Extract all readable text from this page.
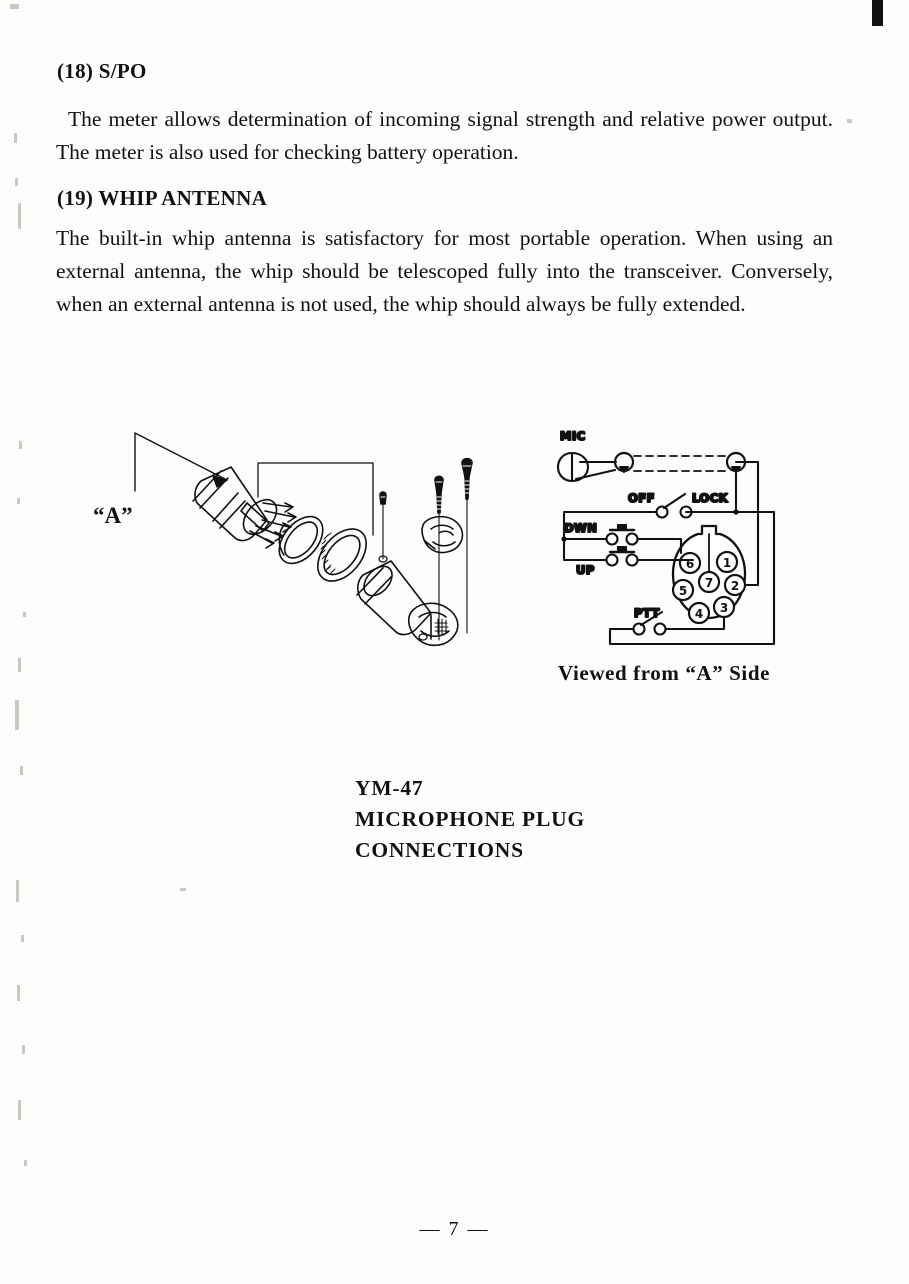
(18) S/PO
The meter allows determination of incoming signal strength and relative power output. The meter is also used for checking battery operation.
(19) WHIP ANTENNA
The built-in whip antenna is satisfactory for most portable operation. When using an external antenna, the whip should be telescoped fully into the transceiver. Conversely, when an external antenna is not used, the whip should always be fully extended.
“A”
MIC
OFF	LOCK
DWN
UP
PTT
1
2
3
4
5
6
7
Viewed from “A” Side
YM-47
MICROPHONE PLUG
CONNECTIONS
— 7 —
